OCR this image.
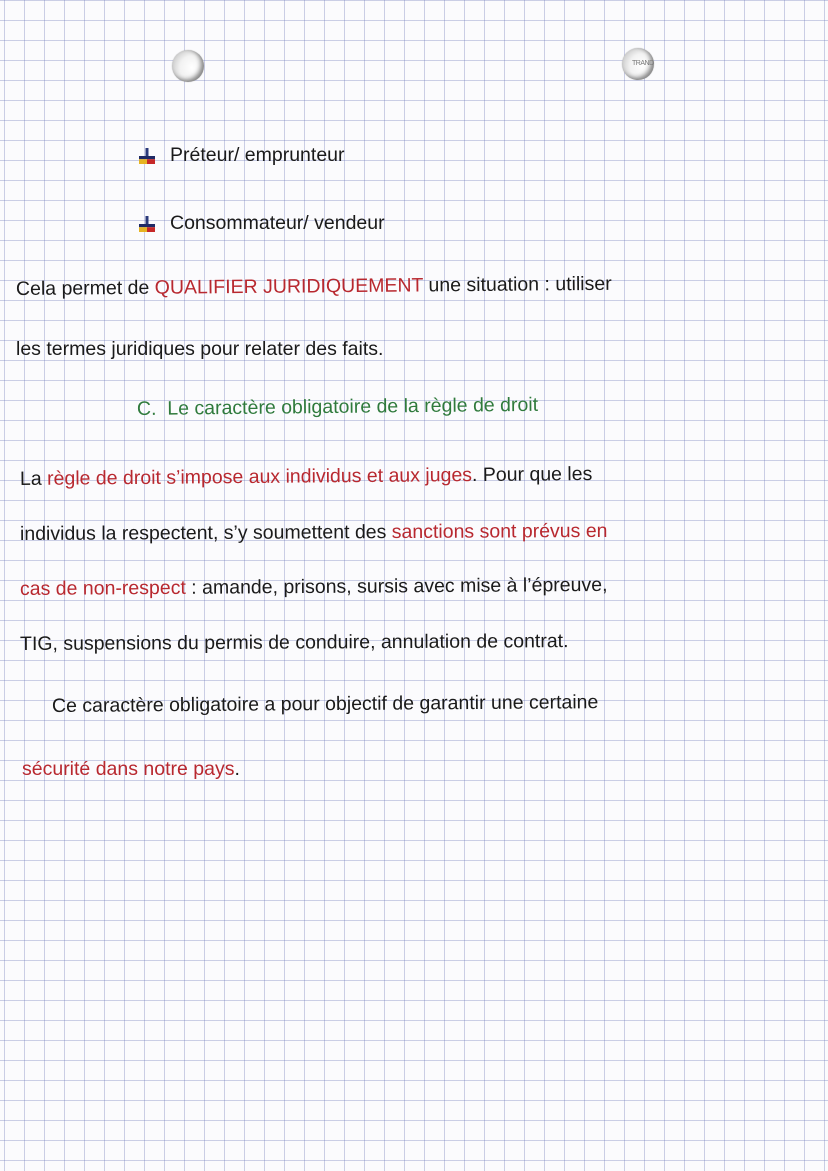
TRAND
Préteur/ emprunteur
Consommateur/ vendeur
Cela permet de QUALIFIER JURIDIQUEMENT une situation : utiliser
les termes juridiques pour relater des faits.
C. Le caractère obligatoire de la règle de droit
La règle de droit s’impose aux individus et aux juges. Pour que les
individus la respectent, s’y soumettent des sanctions sont prévus en
cas de non-respect : amande, prisons, sursis avec mise à l’épreuve,
TIG, suspensions du permis de conduire, annulation de contrat.
Ce caractère obligatoire a pour objectif de garantir une certaine
sécurité dans notre pays.
